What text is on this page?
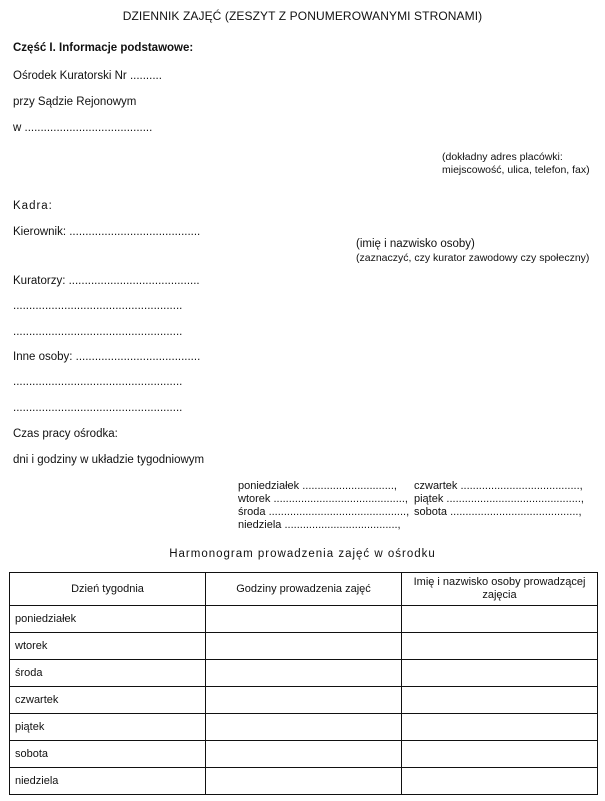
DZIENNIK ZAJĘĆ (ZESZYT Z PONUMEROWANYMI STRONAMI)
Część I. Informacje podstawowe:
Ośrodek Kuratorski Nr ..........
przy Sądzie Rejonowym
w ........................................
(dokładny adres placówki:
miejscowość, ulica, telefon, fax)
Kadra:
Kierownik: .........................................
(imię i nazwisko osoby)
(zaznaczyć, czy kurator zawodowy czy społeczny)
Kuratorzy: .........................................
.....................................................
.....................................................
Inne osoby: .......................................
.....................................................
.....................................................
Czas pracy ośrodka:
dni i godziny w układzie tygodniowym
poniedziałek ..............................,	czwartek .......................................,
wtorek ...........................................,	piątek ............................................,
środa .............................................,	sobota ..........................................,
niedziela .....................................,	
Harmonogram prowadzenia zajęć w ośrodku
Dzień tygodnia	Godziny prowadzenia zajęć	Imię i nazwisko osoby prowadzącej zajęcia
poniedziałek		
wtorek		
środa		
czwartek		
piątek		
sobota		
niedziela		
